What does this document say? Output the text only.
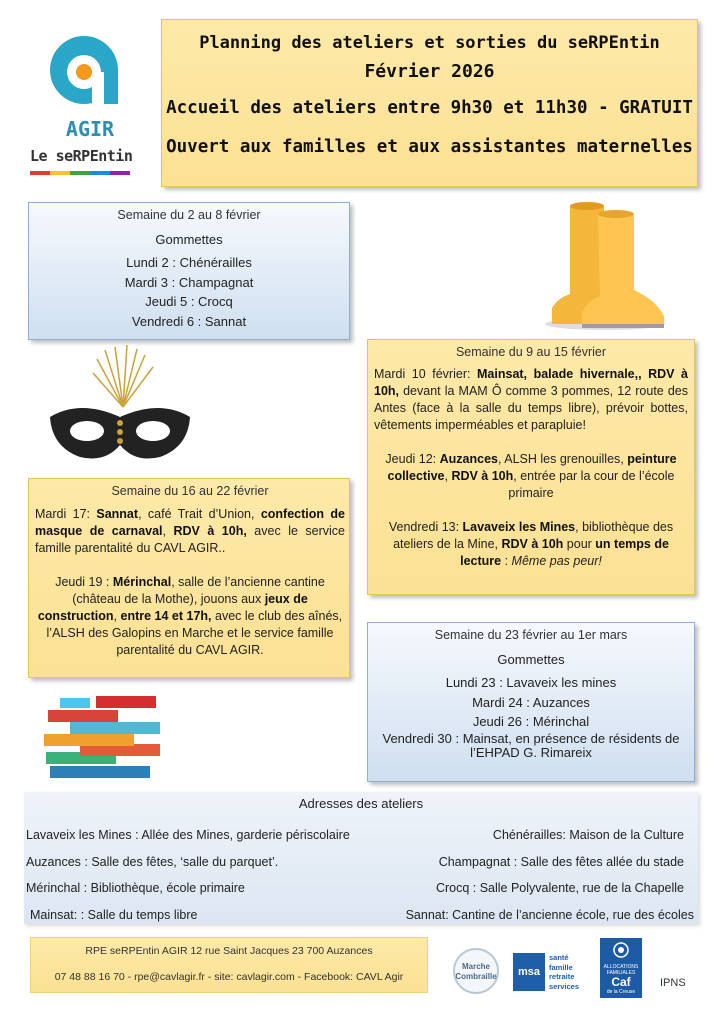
AGIR
Le seRPEntin
Planning des ateliers et sorties du seRPEntin
Février 2026
Accueil des ateliers entre 9h30 et 11h30 - GRATUIT
Ouvert aux familles et aux assistantes maternelles
Semaine du 2 au 8 février
Gommettes
Lundi 2 : Chénérailles
Mardi 3 : Champagnat
Jeudi 5 : Crocq
Vendredi 6 : Sannat
Semaine du 9 au 15 février
Mardi 10 février: Mainsat, balade hivernale,, RDV à 10h, devant la MAM Ô comme 3 pommes, 12 route des Antes (face à la salle du temps libre), prévoir bottes, vêtements imperméables et parapluie!
Jeudi 12: Auzances, ALSH les grenouilles, peinture collective, RDV à 10h, entrée par la cour de l’école primaire
Vendredi 13: Lavaveix les Mines, bibliothèque des ateliers de la Mine, RDV à 10h pour un temps de lecture : Même pas peur!
Semaine du 16 au 22 février
Mardi 17: Sannat, café Trait d’Union, confection de masque de carnaval, RDV à 10h, avec le service famille parentalité du CAVL AGIR..
Jeudi 19 : Mérinchal, salle de l’ancienne cantine (château de la Mothe), jouons aux jeux de construction, entre 14 et 17h, avec le club des aînés, l’ALSH des Galopins en Marche et le service famille parentalité du CAVL AGIR.
Semaine du 23 février au 1er mars
Gommettes
Lundi 23 : Lavaveix les mines
Mardi 24 : Auzances
Jeudi 26 : Mérinchal
Vendredi 30 : Mainsat, en présence de résidents de l’EHPAD G. Rimareix
Adresses des ateliers
Lavaveix les Mines : Allée des Mines, garderie périscolaire
Auzances : Salle des fêtes, ‘salle du parquet’.
Mérinchal : Bibliothèque, école primaire
Mainsat: : Salle du temps libre
Chénérailles: Maison de la Culture
Champagnat : Salle des fêtes allée du stade
Crocq : Salle Polyvalente, rue de la Chapelle
Sannat: Cantine de l’ancienne école, rue des écoles
RPE seRPEntin AGIR 12 rue Saint Jacques 23 700 Auzances
07 48 88 16 70 - rpe@cavlagir.fr - site: cavlagir.com - Facebook: CAVL Agir
Marche Combraille	msa
santé
famille
retraite
services
ALLOCATIONS
FAMILIALES
Caf
de la Creuse
IPNS
